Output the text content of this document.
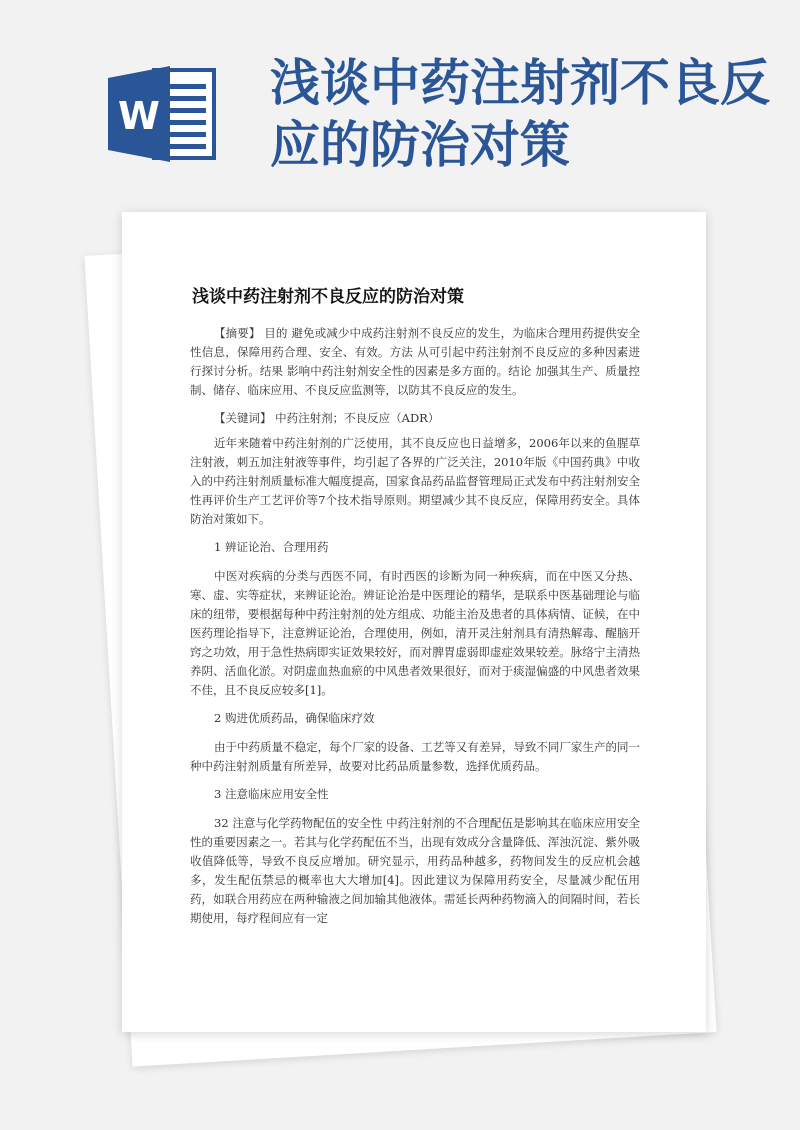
W
浅谈中药注射剂不良反应的防治对策
浅谈中药注射剂不良反应的防治对策

【摘要】 目的 避免或减少中成药注射剂不良反应的发生，为临床合理用药提供安全性信息，保障用药合理、安全、有效。方法 从可引起中药注射剂不良反应的多种因素进行探讨分析。结果 影响中药注射剂安全性的因素是多方面的。结论 加强其生产、质量控制、储存、临床应用、不良反应监测等，以防其不良反应的发生。

【关键词】 中药注射剂；不良反应（ADR）

近年来随着中药注射剂的广泛使用，其不良反应也日益增多，2006年以来的鱼腥草注射液，刺五加注射液等事件，均引起了各界的广泛关注，2010年版《中国药典》中收入的中药注射剂质量标准大幅度提高，国家食品药品监督管理局正式发布中药注射剂安全性再评价生产工艺评价等7个技术指导原则。期望减少其不良反应，保障用药安全。具体防治对策如下。

1 辨证论治、合理用药

中医对疾病的分类与西医不同，有时西医的诊断为同一种疾病，而在中医又分热、寒、虚、实等症状，来辨证论治。辨证论治是中医理论的精华，是联系中医基础理论与临床的纽带，要根据每种中药注射剂的处方组成、功能主治及患者的具体病情、证候，在中医药理论指导下，注意辨证论治，合理使用，例如，清开灵注射剂具有清热解毒、醒脑开窍之功效，用于急性热病即实证效果较好，而对脾胃虚弱即虚症效果较差。脉络宁主清热养阴、活血化淤。对阴虚血热血瘀的中风患者效果很好，而对于痰湿偏盛的中风患者效果不佳，且不良反应较多[1]。

2 购进优质药品，确保临床疗效

由于中药质量不稳定，每个厂家的设备、工艺等又有差异，导致不同厂家生产的同一种中药注射剂质量有所差异，故要对比药品质量参数，选择优质药品。

3 注意临床应用安全性

32 注意与化学药物配伍的安全性 中药注射剂的不合理配伍是影响其在临床应用安全性的重要因素之一。若其与化学药配伍不当，出现有效成分含量降低、浑浊沉淀、紫外吸收值降低等，导致不良反应增加。研究显示，用药品种越多，药物间发生的反应机会越多，发生配伍禁忌的概率也大大增加[4]。因此建议为保障用药安全，尽量减少配伍用药，如联合用药应在两种输液之间加输其他液体。需延长两种药物滴入的间隔时间，若长期使用，每疗程间应有一定
